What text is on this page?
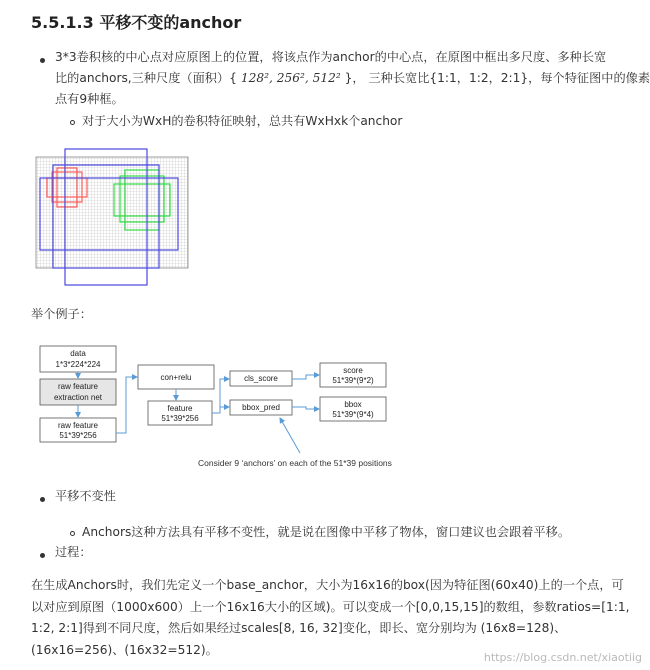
5.5.1.3 平移不变的anchor
3*3卷积核的中心点对应原图上的位置，将该点作为anchor的中心点，在原图中框出多尺度、多种长宽
比的anchors,三种尺度（面积）{ 128², 256², 512² }， 三种长宽比{1:1，1:2，2:1}，每个特征图中的像素
点有9种框。
对于大小为WxH的卷积特征映射，总共有WxHxk个anchor
举个例子：
data
1*3*224*224
raw feature
extraction net
raw feature
51*39*256
con+relu
feature
51*39*256
cls_score
bbox_pred
score
51*39*(9*2)
bbox
51*39*(9*4)
Consider 9 ‘anchors’ on each of the 51*39 positions
平移不变性
Anchors这种方法具有平移不变性，就是说在图像中平移了物体，窗口建议也会跟着平移。
过程：
在生成Anchors时，我们先定义一个base_anchor，大小为16x16的box(因为特征图(60x40)上的一个点，可
以对应到原图（1000x600）上一个16x16大小的区域)。可以变成一个[0,0,15,15]的数组，参数ratios=[1:1,
1:2, 2:1]得到不同尺度，然后如果经过scales[8, 16, 32]变化，即长、宽分别均为 (16x8=128)、
(16x16=256)、(16x32=512)。
https://blog.csdn.net/xiaotiig
